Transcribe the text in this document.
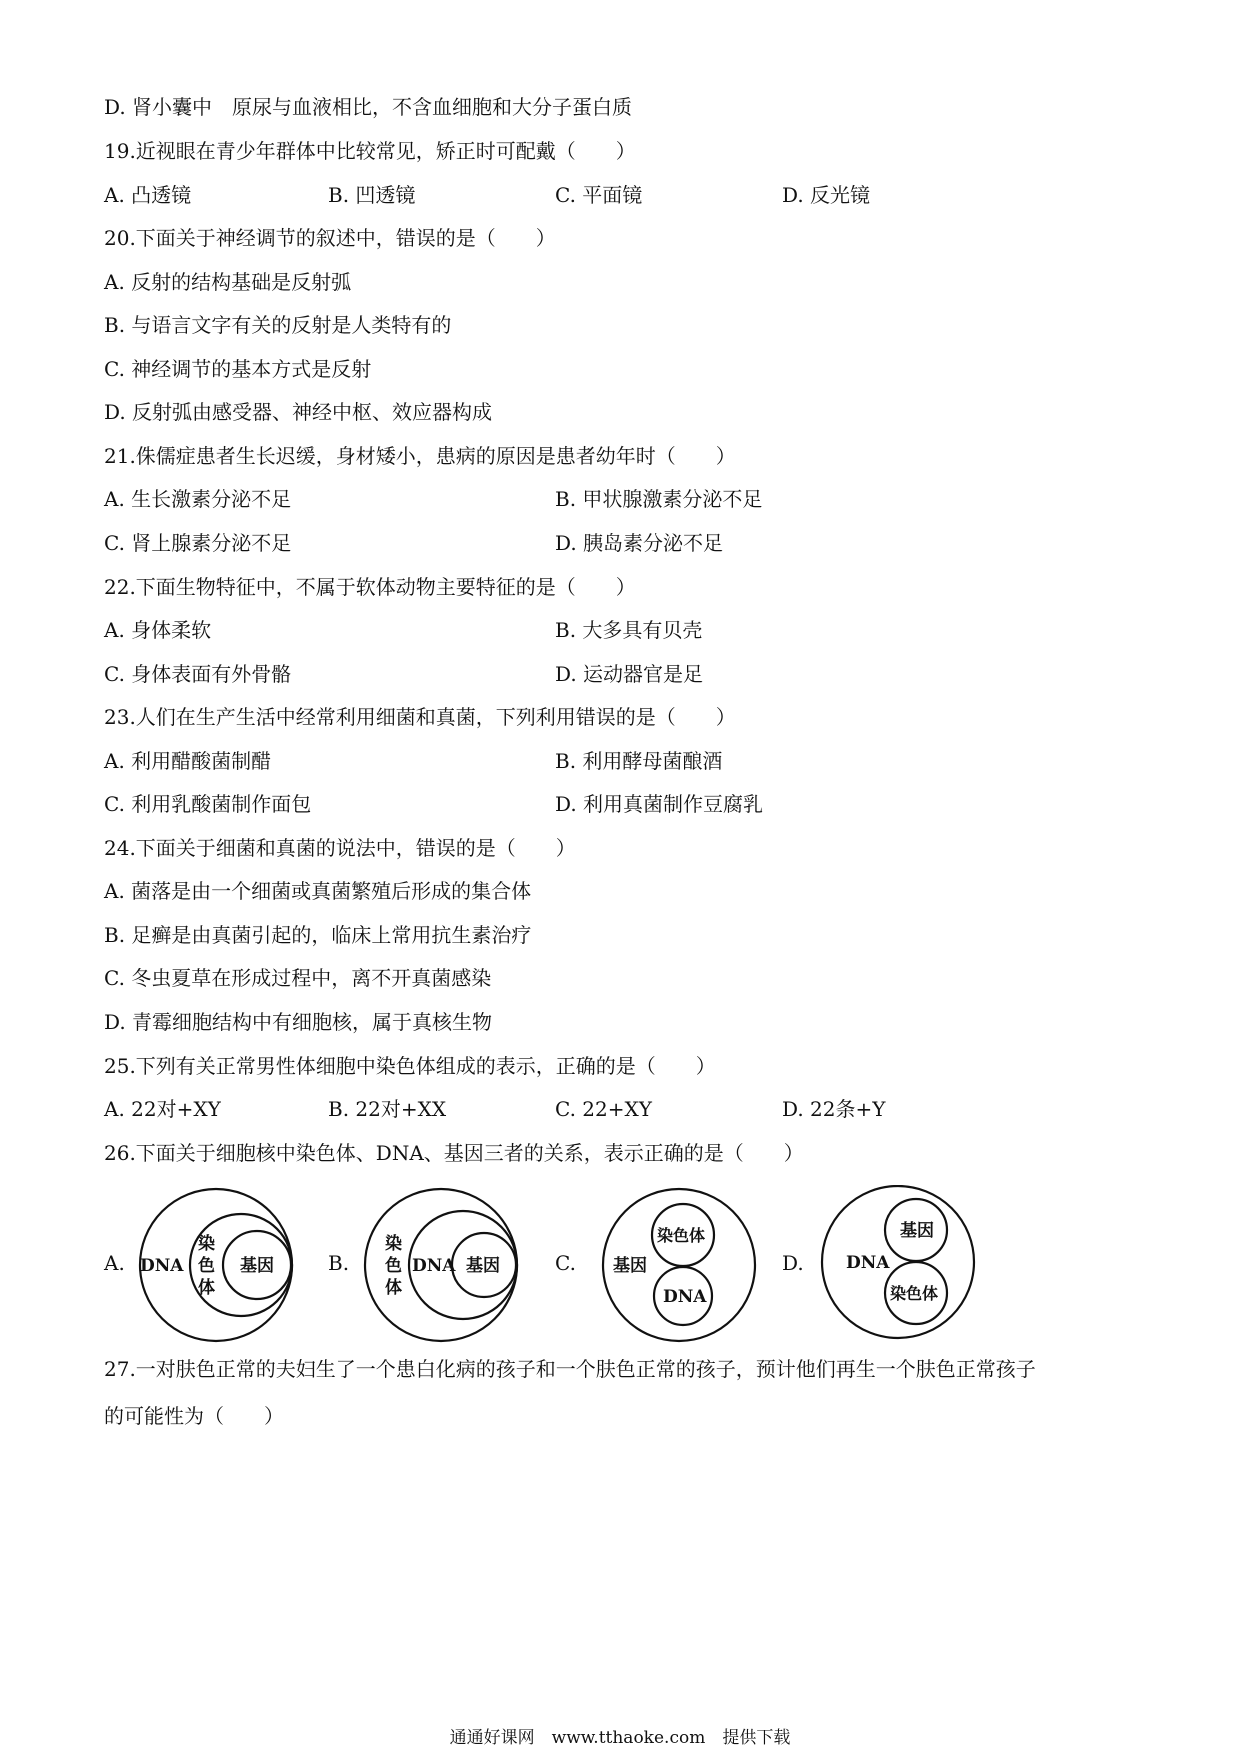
D. 肾小囊中　原尿与血液相比，不含血细胞和大分子蛋白质
19.近视眼在青少年群体中比较常见，矫正时可配戴（　　）
A. 凸透镜	B. 凹透镜	C. 平面镜	D. 反光镜
20.下面关于神经调节的叙述中，错误的是（　　）
A. 反射的结构基础是反射弧
B. 与语言文字有关的反射是人类特有的
C. 神经调节的基本方式是反射
D. 反射弧由感受器、神经中枢、效应器构成
21.侏儒症患者生长迟缓，身材矮小，患病的原因是患者幼年时（　　）
A. 生长激素分泌不足	B. 甲状腺激素分泌不足
C. 肾上腺素分泌不足	D. 胰岛素分泌不足
22.下面生物特征中，不属于软体动物主要特征的是（　　）
A. 身体柔软	B. 大多具有贝壳
C. 身体表面有外骨骼	D. 运动器官是足
23.人们在生产生活中经常利用细菌和真菌，下列利用错误的是（　　）
A. 利用醋酸菌制醋	B. 利用酵母菌酿酒
C. 利用乳酸菌制作面包	D. 利用真菌制作豆腐乳
24.下面关于细菌和真菌的说法中，错误的是（　　）
A. 菌落是由一个细菌或真菌繁殖后形成的集合体
B. 足癣是由真菌引起的，临床上常用抗生素治疗
C. 冬虫夏草在形成过程中，离不开真菌感染
D. 青霉细胞结构中有细胞核，属于真核生物
25.下列有关正常男性体细胞中染色体组成的表示，正确的是（　　）
A. 22对+XY	B. 22对+XX	C. 22+XY	D. 22条+Y
26.下面关于细胞核中染色体、DNA、基因三者的关系，表示正确的是（　　）
A.	B.	C.	D.
DNA
染
色
体
基因
染
色
体
DNA 基因	基因
染色体
DNA
DNA
基因
染色体
27.一对肤色正常的夫妇生了一个患白化病的孩子和一个肤色正常的孩子，预计他们再生一个肤色正常孩子
的可能性为（　　）
通通好课网　www.tthaoke.com　提供下载
